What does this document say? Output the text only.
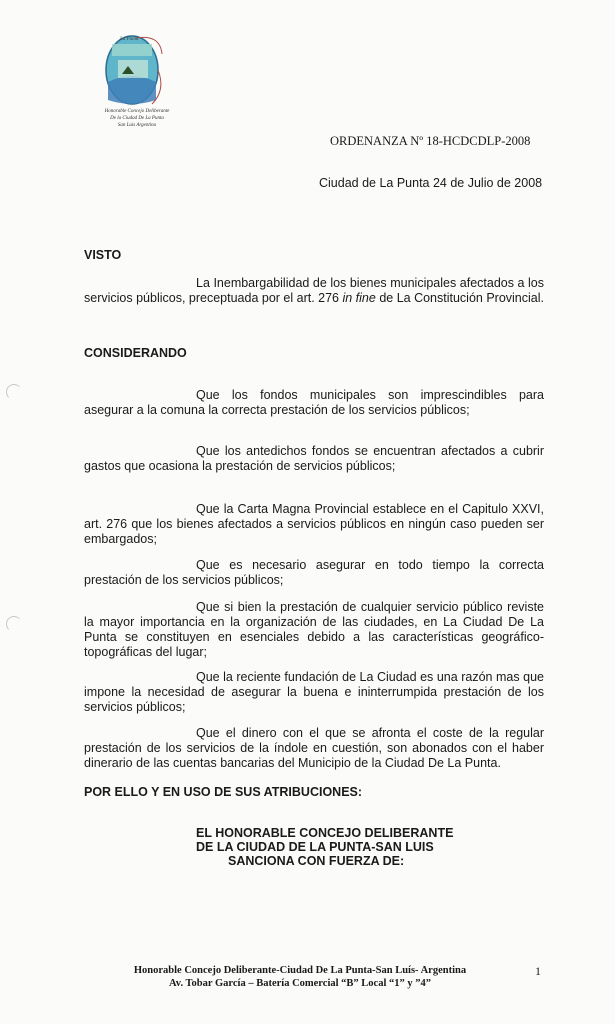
La Punta
Honorable Concejo Deliberante
De la Ciudad De La Punta
San Luis Argentina
ORDENANZA Nº 18-HCDCDLP-2008
Ciudad de La Punta 24 de Julio de 2008
VISTO
La Inembargabilidad de los bienes municipales afectados a los servicios públicos, preceptuada por el art. 276 in fine de La Constitución Provincial.
CONSIDERANDO
Que los fondos municipales son imprescindibles para asegurar a la comuna la correcta prestación de los servicios públicos;
Que los antedichos fondos se encuentran afectados a cubrir gastos que ocasiona la prestación de servicios públicos;
Que la Carta Magna Provincial establece en el Capitulo XXVI, art. 276 que los bienes afectados a servicios públicos en ningún caso pueden ser embargados;
Que es necesario asegurar en todo tiempo la correcta prestación de los servicios públicos;
Que si bien la prestación de cualquier servicio público reviste la mayor importancia en la organización de las ciudades, en La Ciudad De La Punta se constituyen en esenciales debido a las características geográfico-topográficas del lugar;
Que la reciente fundación de La Ciudad es una razón mas que impone la necesidad de asegurar la buena e ininterrumpida prestación de los servicios públicos;
Que el dinero con el que se afronta el coste de la regular prestación de los servicios de la índole en cuestión, son abonados con el haber dinerario de las cuentas bancarias del Municipio de la Ciudad De La Punta.
POR ELLO Y EN USO DE SUS ATRIBUCIONES:
EL HONORABLE CONCEJO DELIBERANTE
DE LA CIUDAD DE LA PUNTA-SAN LUIS
SANCIONA CON FUERZA DE:
Honorable Concejo Deliberante-Ciudad De La Punta-San Luís- Argentina
Av. Tobar García – Batería Comercial “B” Local “1” y ”4”
1
